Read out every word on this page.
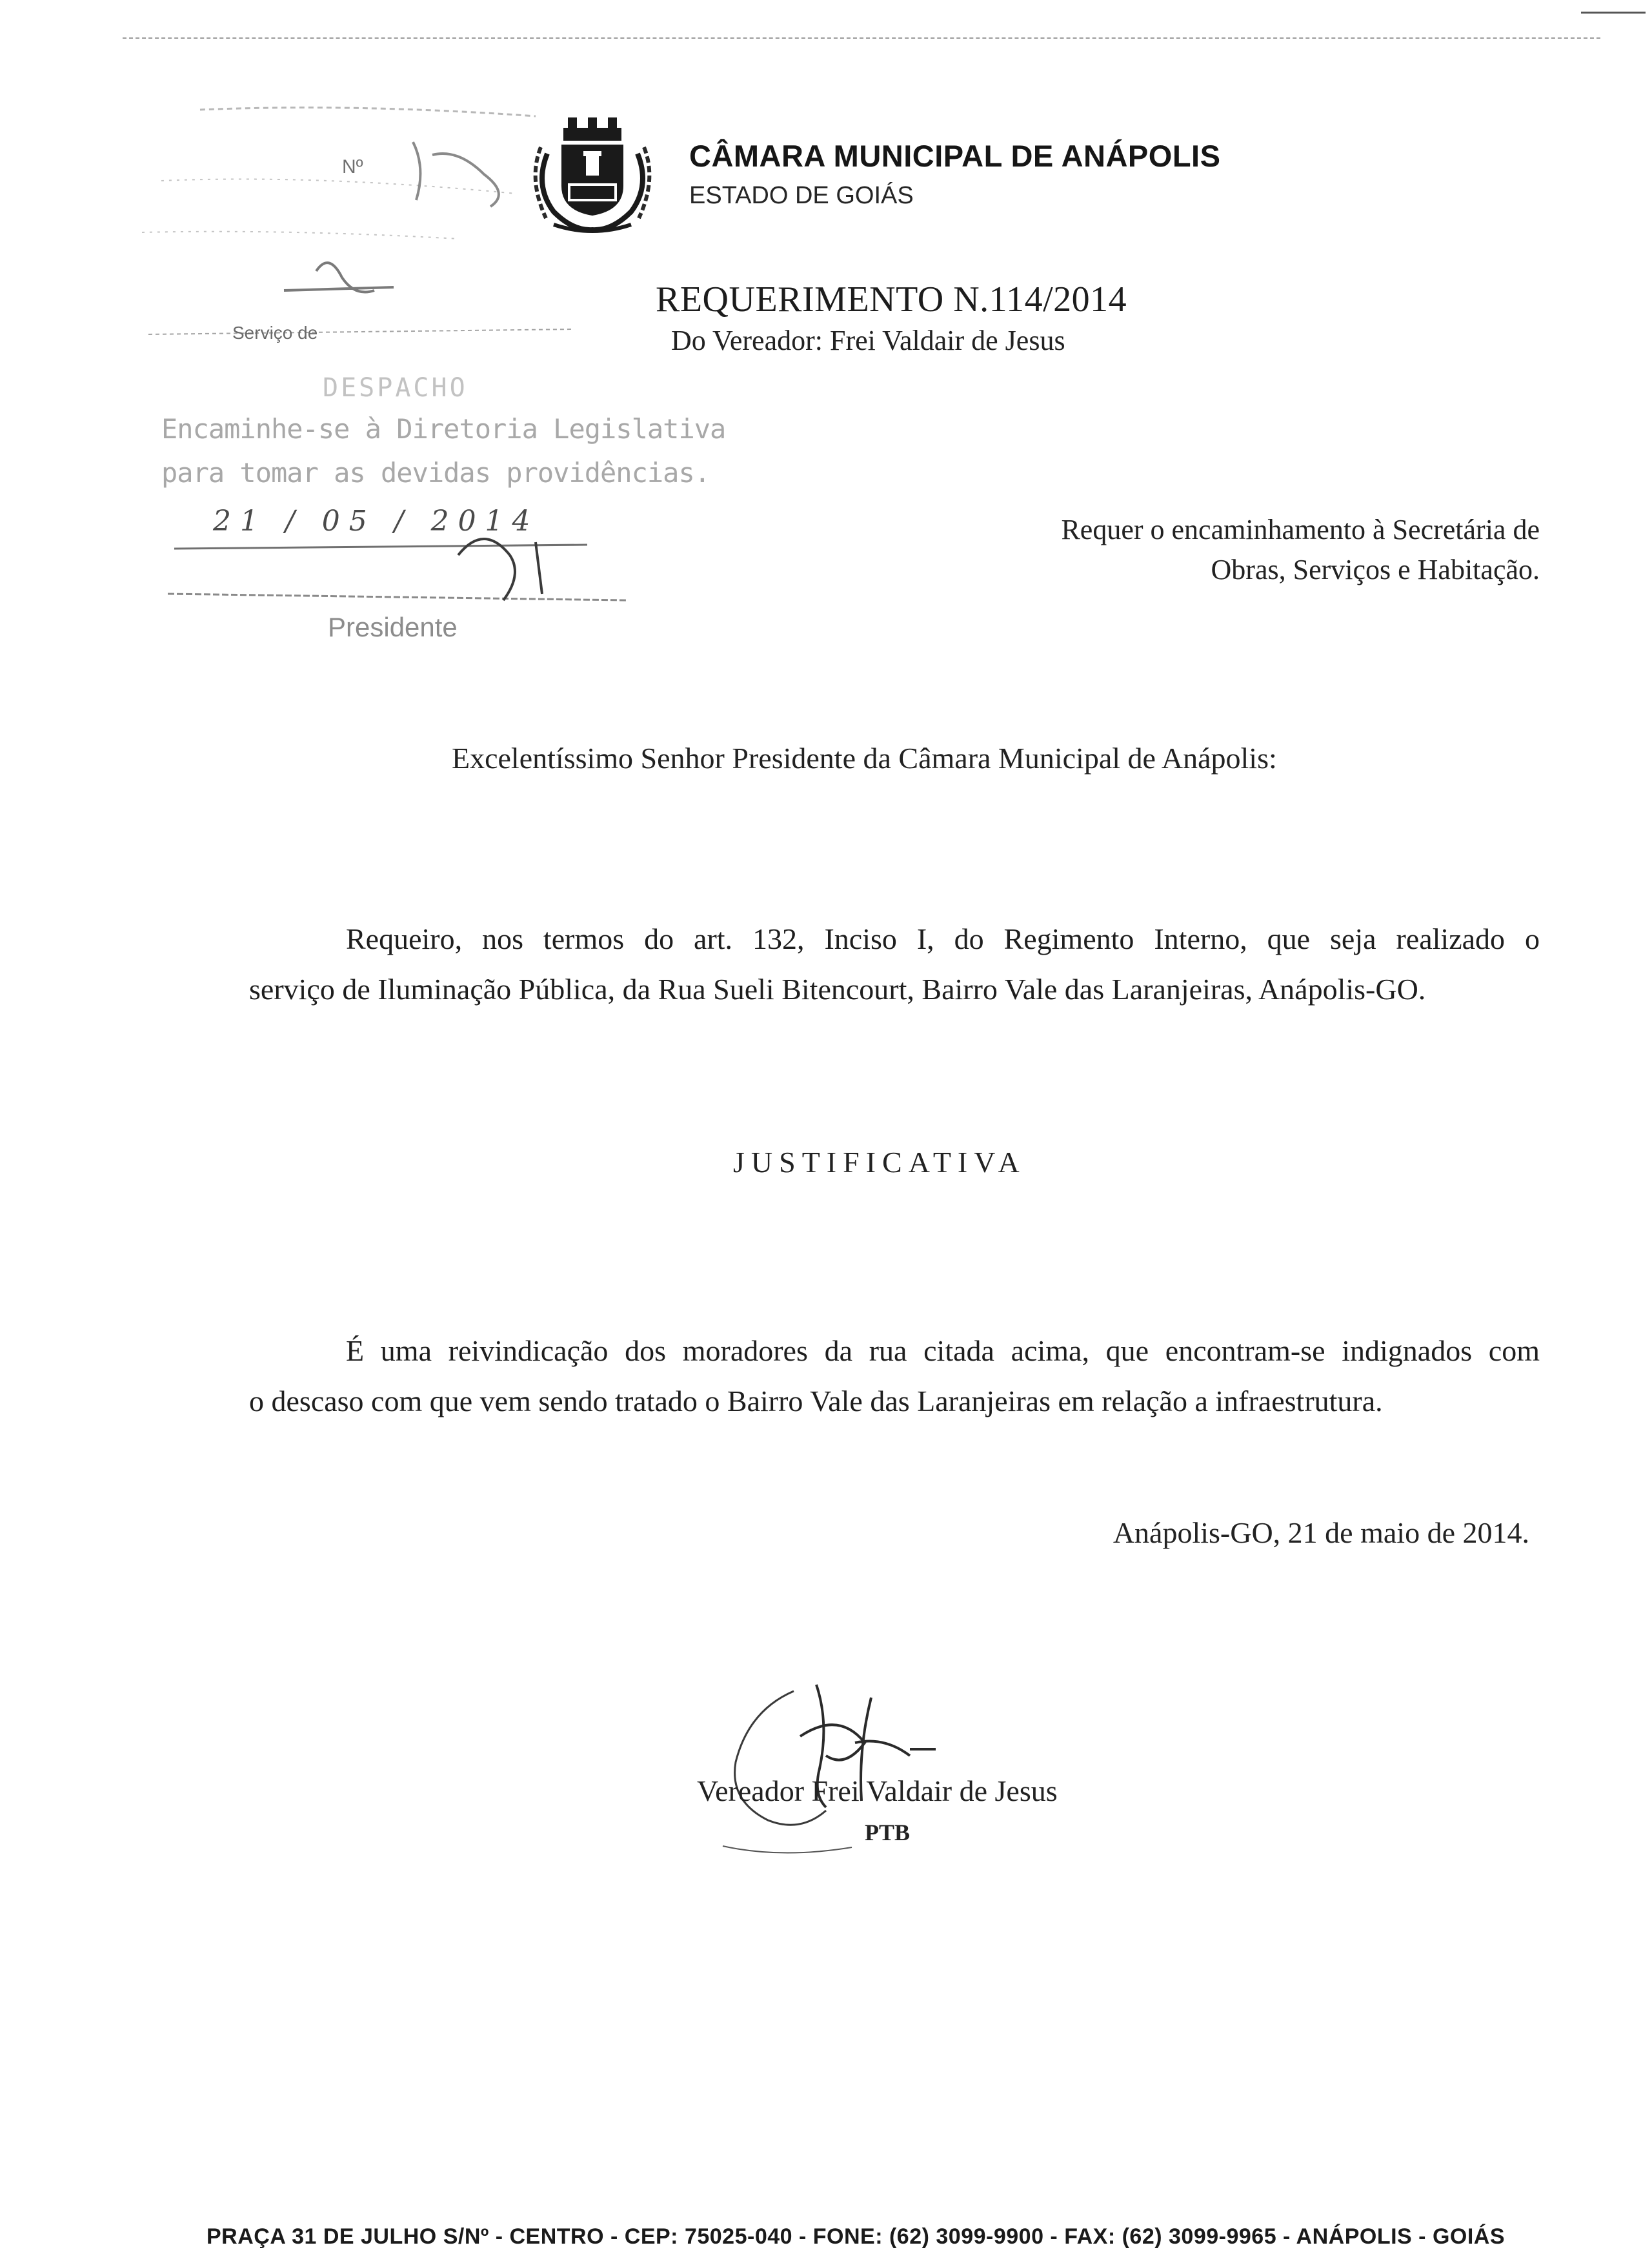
Nº
Serviço de
DESPACHO
Encaminhe-se à Diretoria Legislativa
para tomar as devidas providências.
21 / 05 / 2014
Presidente
CÂMARA MUNICIPAL DE ANÁPOLIS
ESTADO DE GOIÁS
REQUERIMENTO N.114/2014
Do Vereador: Frei Valdair de Jesus
Requer o encaminhamento à Secretária de
Obras, Serviços e Habitação.
Excelentíssimo Senhor Presidente da Câmara Municipal de Anápolis:
Requeiro, nos termos do art. 132, Inciso I, do Regimento Interno, que seja realizado o
serviço de Iluminação Pública, da Rua Sueli Bitencourt, Bairro Vale das Laranjeiras, Anápolis-GO.
JUSTIFICATIVA
É uma reivindicação dos moradores da rua citada acima, que encontram-se indignados com
o descaso com que vem sendo tratado o Bairro Vale das Laranjeiras em relação a infraestrutura.
Anápolis-GO, 21 de maio de 2014.
Vereador Frei Valdair de Jesus
PTB
PRAÇA 31 DE JULHO S/Nº - CENTRO - CEP: 75025-040 - FONE: (62) 3099-9900 - FAX: (62) 3099-9965 - ANÁPOLIS - GOIÁS
